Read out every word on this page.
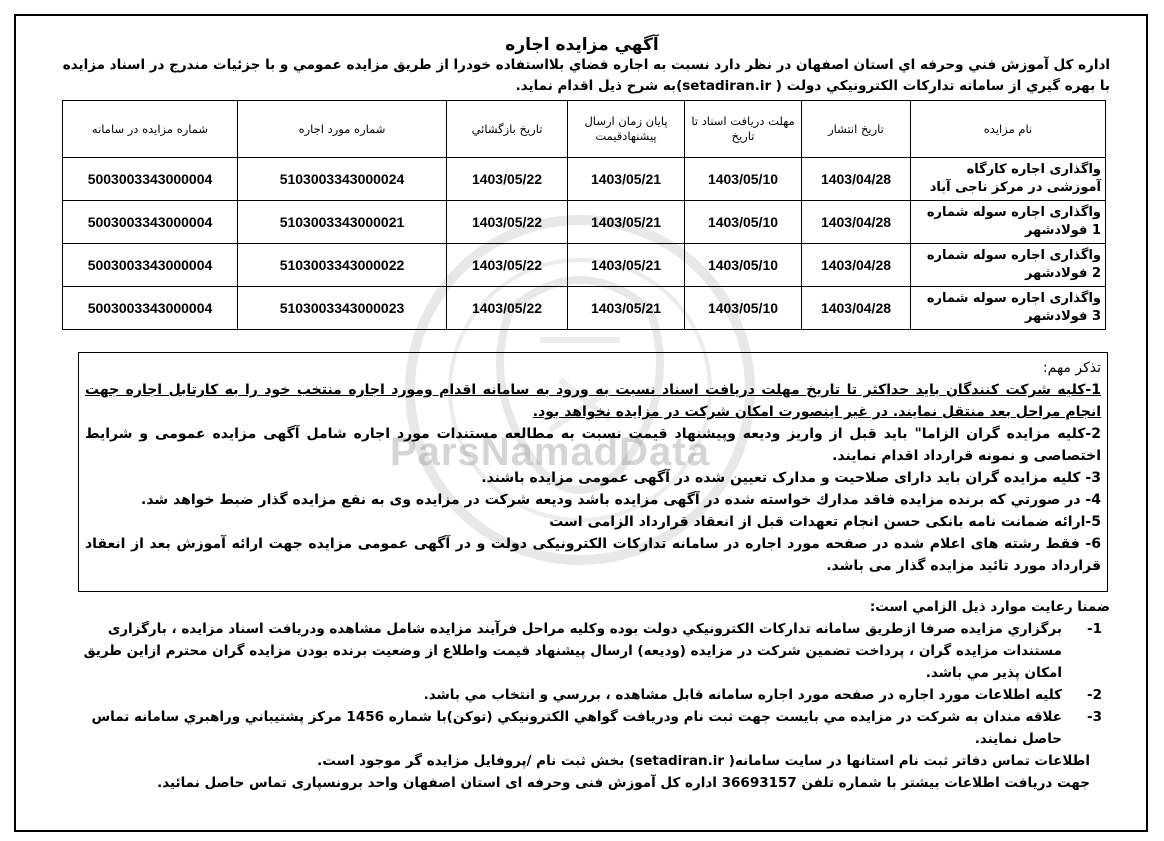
ParsNamadData
آگهي مزايده اجاره
اداره کل آموزش فني وحرفه اي استان اصفهان در نظر دارد نسبت به اجاره فضاي بلااستفاده خودرا از طريق مزايده عمومي و با جزئيات مندرج در اسناد مزايده با بهره گيري از سامانه تدارکات الکترونيکي دولت ( setadiran.ir)به شرح ذيل اقدام نمايد.
نام مزايده	تاريخ انتشار	مهلت دريافت اسناد تا تاريخ	پايان زمان ارسال پيشنهادقيمت	تاريخ بازگشائي	شماره مورد اجاره	شماره مزايده در سامانه
واگذاری اجاره کارگاه آموزشی در مرکز ناجی آباد	1403/04/28	1403/05/10	1403/05/21	1403/05/22	5103003343000024	5003003343000004
واگذاری اجاره سوله شماره 1 فولادشهر	1403/04/28	1403/05/10	1403/05/21	1403/05/22	5103003343000021	5003003343000004
واگذاری اجاره سوله شماره 2 فولادشهر	1403/04/28	1403/05/10	1403/05/21	1403/05/22	5103003343000022	5003003343000004
واگذاری اجاره سوله شماره 3 فولادشهر	1403/04/28	1403/05/10	1403/05/21	1403/05/22	5103003343000023	5003003343000004
تذکر مهم:

1-کلیه شرکت کنندگان باید حداکثر تا تاریخ مهلت دریافت اسناد نسبت به ورود به سامانه اقدام ومورد اجاره منتخب خود را به کارتابل اجاره جهت انجام مراحل بعد منتقل نمایند. در غیر اینصورت امکان شرکت در مزایده نخواهد بود.

2-کلیه مزایده گران الزاما" باید قبل از واریز ودیعه وپیشنهاد قیمت نسبت به مطالعه مستندات مورد اجاره شامل آگهی مزایده عمومی و شرایط اختصاصی و نمونه قرارداد اقدام نمایند.

3- کلیه مزایده گران باید دارای صلاحیت و مدارک تعیین شده در آگهی عمومی مزایده باشند.

4- در صورتي كه برنده مزايده فاقد مدارك خواسته شده در آگهی مزایده باشد وديعه شركت در مزايده وی به نفع مزايده گذار ضبط خواهد شد.

5-ارائه ضمانت نامه بانکی حسن انجام تعهدات قبل از انعقاد قرارداد الزامی است

6- فقط رشته های اعلام شده در صفحه مورد اجاره در سامانه تداركات الكترونيكی دولت و در آگهی عمومی مزایده جهت ارائه آموزش بعد از انعقاد قرارداد مورد تائید مزایده گذار می باشد.

ضمنا رعايت موارد ذيل الزامي است:
1-
برگزاري مزايده صرفا ازطريق سامانه تدارکات الکترونيکي دولت بوده وکليه مراحل فرآيند مزايده شامل مشاهده ودريافت اسناد مزايده ، بارگزاری مستندات مزايده گران ، پرداخت تضمين شرکت در مزايده (وديعه) ارسال پيشنهاد قيمت واطلاع از وضعيت برنده بودن مزايده گران محترم ازاين طريق امکان پذير مي باشد.
2-
کليه اطلاعات مورد اجاره در صفحه مورد اجاره سامانه قابل مشاهده ، بررسي و انتخاب مي باشد.
3-
علاقه مندان به شرکت در مزايده مي بايست جهت ثبت نام ودريافت گواهي الکترونيکي (توکن)با شماره 1456 مرکز پشتيباني وراهبري سامانه تماس حاصل نمايند.
اطلاعات تماس دفاتر ثبت نام استانها در سايت سامانه( setadiran.ir) بخش ثبت نام /پروفايل مزايده گر موجود است.
جهت دریافت اطلاعات بیشتر با شماره تلفن 36693157 اداره کل آموزش فنی وحرفه ای استان اصفهان واحد برونسپاری تماس حاصل نمائید.
